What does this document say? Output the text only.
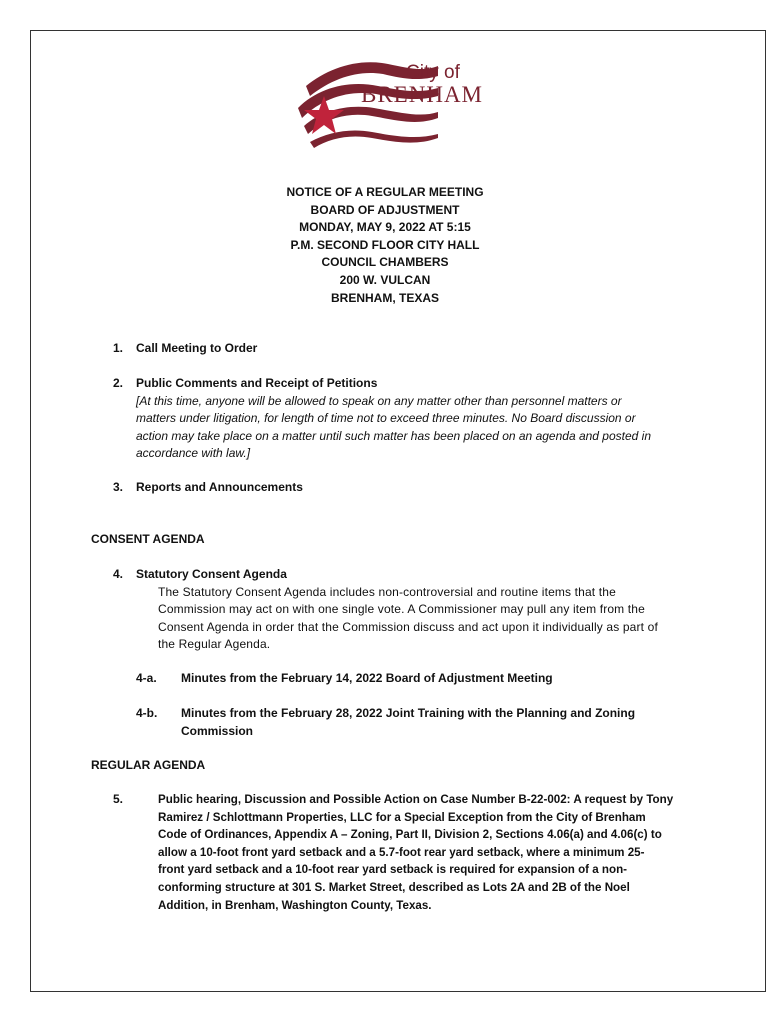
City of
BRENHAM
NOTICE OF A REGULAR MEETING
BOARD OF ADJUSTMENT
MONDAY, MAY 9, 2022 AT 5:15
P.M. SECOND FLOOR CITY HALL
COUNCIL CHAMBERS
200 W. VULCAN
BRENHAM, TEXAS
1. Call Meeting to Order
2. Public Comments and Receipt of Petitions
[At this time, anyone will be allowed to speak on any matter other than personnel matters or
matters under litigation, for length of time not to exceed three minutes. No Board discussion or
action may take place on a matter until such matter has been placed on an agenda and posted in
accordance with law.]
3. Reports and Announcements
CONSENT AGENDA
4. Statutory Consent Agenda
The Statutory Consent Agenda includes non-controversial and routine items that the
Commission may act on with one single vote. A Commissioner may pull any item from the
Consent Agenda in order that the Commission discuss and act upon it individually as part of
the Regular Agenda.
4-a. Minutes from the February 14, 2022 Board of Adjustment Meeting
4-b. Minutes from the February 28, 2022 Joint Training with the Planning and Zoning
Commission
REGULAR AGENDA
5.	Public hearing, Discussion and Possible Action on Case Number B-22-002: A request by Tony
Ramirez / Schlottmann Properties, LLC for a Special Exception from the City of Brenham
Code of Ordinances, Appendix A – Zoning, Part II, Division 2, Sections 4.06(a) and 4.06(c) to
allow a 10-foot front yard setback and a 5.7-foot rear yard setback, where a minimum 25-
front yard setback and a 10-foot rear yard setback is required for expansion of a non-
conforming structure at 301 S. Market Street, described as Lots 2A and 2B of the Noel
Addition, in Brenham, Washington County, Texas.
